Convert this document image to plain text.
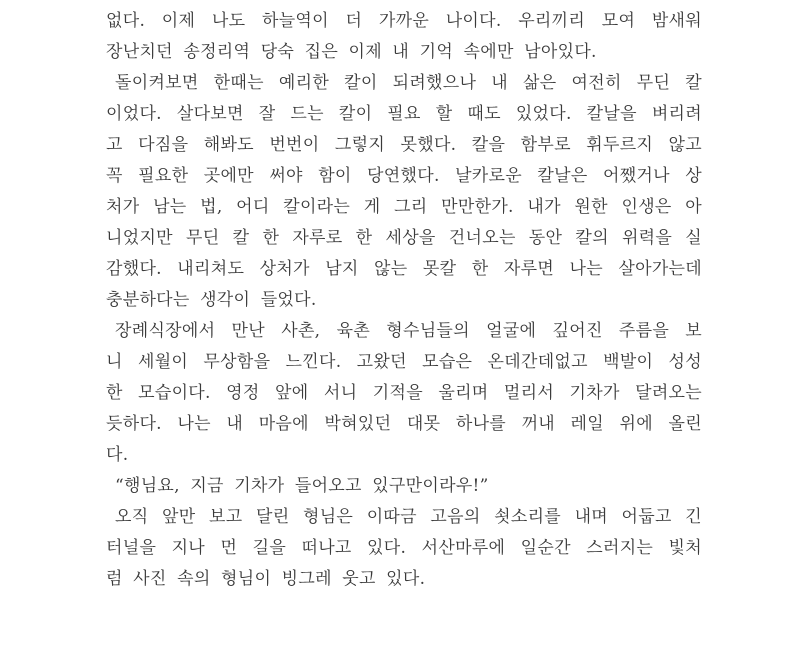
없다. 이제 나도 하늘역이 더 가까운 나이다. 우리끼리 모여 밤새워
장난치던 송정리역 당숙 집은 이제 내 기억 속에만 남아있다.
돌이켜보면 한때는 예리한 칼이 되려했으나 내 삶은 여전히 무딘 칼
이었다. 살다보면 잘 드는 칼이 필요 할 때도 있었다. 칼날을 벼리려
고 다짐을 해봐도 번번이 그렇지 못했다. 칼을 함부로 휘두르지 않고
꼭 필요한 곳에만 써야 함이 당연했다. 날카로운 칼날은 어쨌거나 상
처가 남는 법, 어디 칼이라는 게 그리 만만한가. 내가 원한 인생은 아
니었지만 무딘 칼 한 자루로 한 세상을 건너오는 동안 칼의 위력을 실
감했다. 내리쳐도 상처가 남지 않는 못칼 한 자루면 나는 살아가는데
충분하다는 생각이 들었다.
장례식장에서 만난 사촌, 육촌 형수님들의 얼굴에 깊어진 주름을 보
니 세월이 무상함을 느낀다. 고왔던 모습은 온데간데없고 백발이 성성
한 모습이다. 영정 앞에 서니 기적을 울리며 멀리서 기차가 달려오는
듯하다. 나는 내 마음에 박혀있던 대못 하나를 꺼내 레일 위에 올린
다.
“행님요, 지금 기차가 들어오고 있구만이라우!”
오직 앞만 보고 달린 형님은 이따금 고음의 쇳소리를 내며 어둡고 긴
터널을 지나 먼 길을 떠나고 있다. 서산마루에 일순간 스러지는 빛처
럼 사진 속의 형님이 빙그레 웃고 있다.
